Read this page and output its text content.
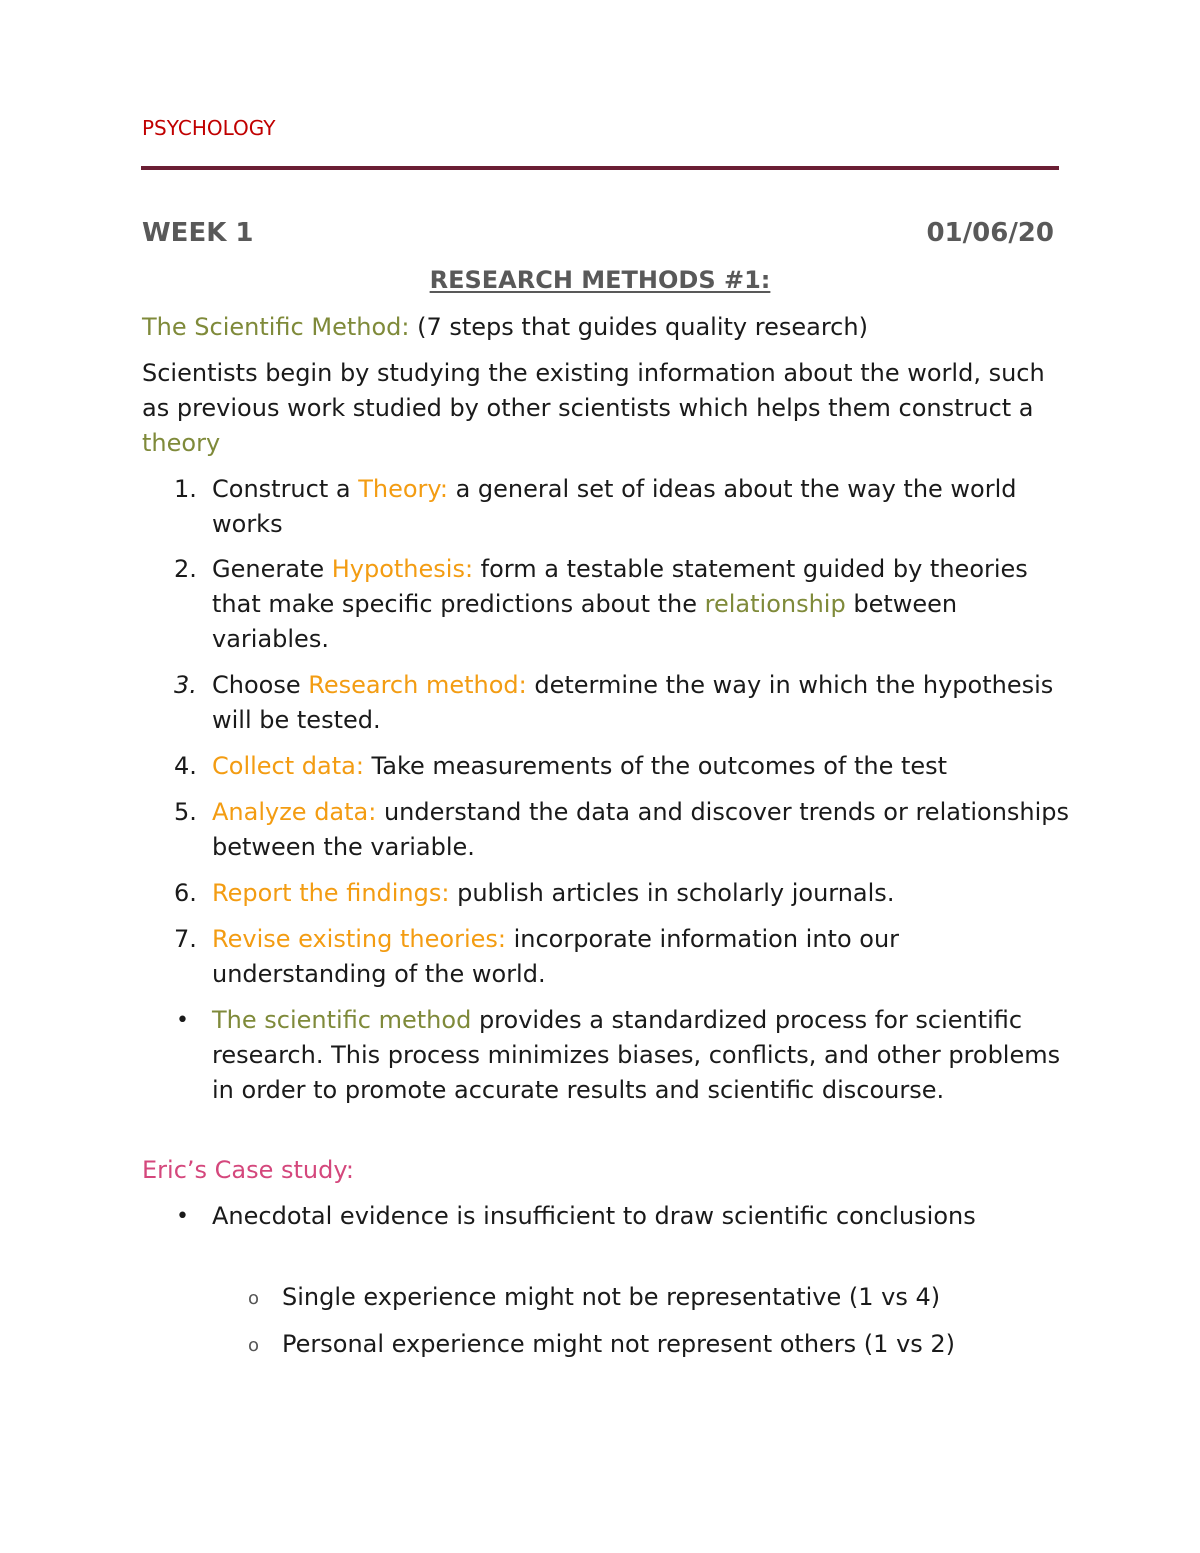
PSYCHOLOGY
WEEK 1	01/06/20
RESEARCH METHODS #1:
The Scientific Method: (7 steps that guides quality research)
Scientists begin by studying the existing information about the world, such as previous work studied by other scientists which helps them construct a theory
1. Construct a Theory: a general set of ideas about the way the world works
2. Generate Hypothesis: form a testable statement guided by theories that make specific predictions about the relationship between variables.
3. Choose Research method: determine the way in which the hypothesis will be tested.
4. Collect data: Take measurements of the outcomes of the test
5. Analyze data: understand the data and discover trends or relationships between the variable.
6. Report the findings: publish articles in scholarly journals.
7. Revise existing theories: incorporate information into our understanding of the world.
• The scientific method provides a standardized process for scientific research. This process minimizes biases, conflicts, and other problems in order to promote accurate results and scientific discourse.
Eric’s Case study:
• Anecdotal evidence is insufficient to draw scientific conclusions
o Single experience might not be representative (1 vs 4)
o Personal experience might not represent others (1 vs 2)
